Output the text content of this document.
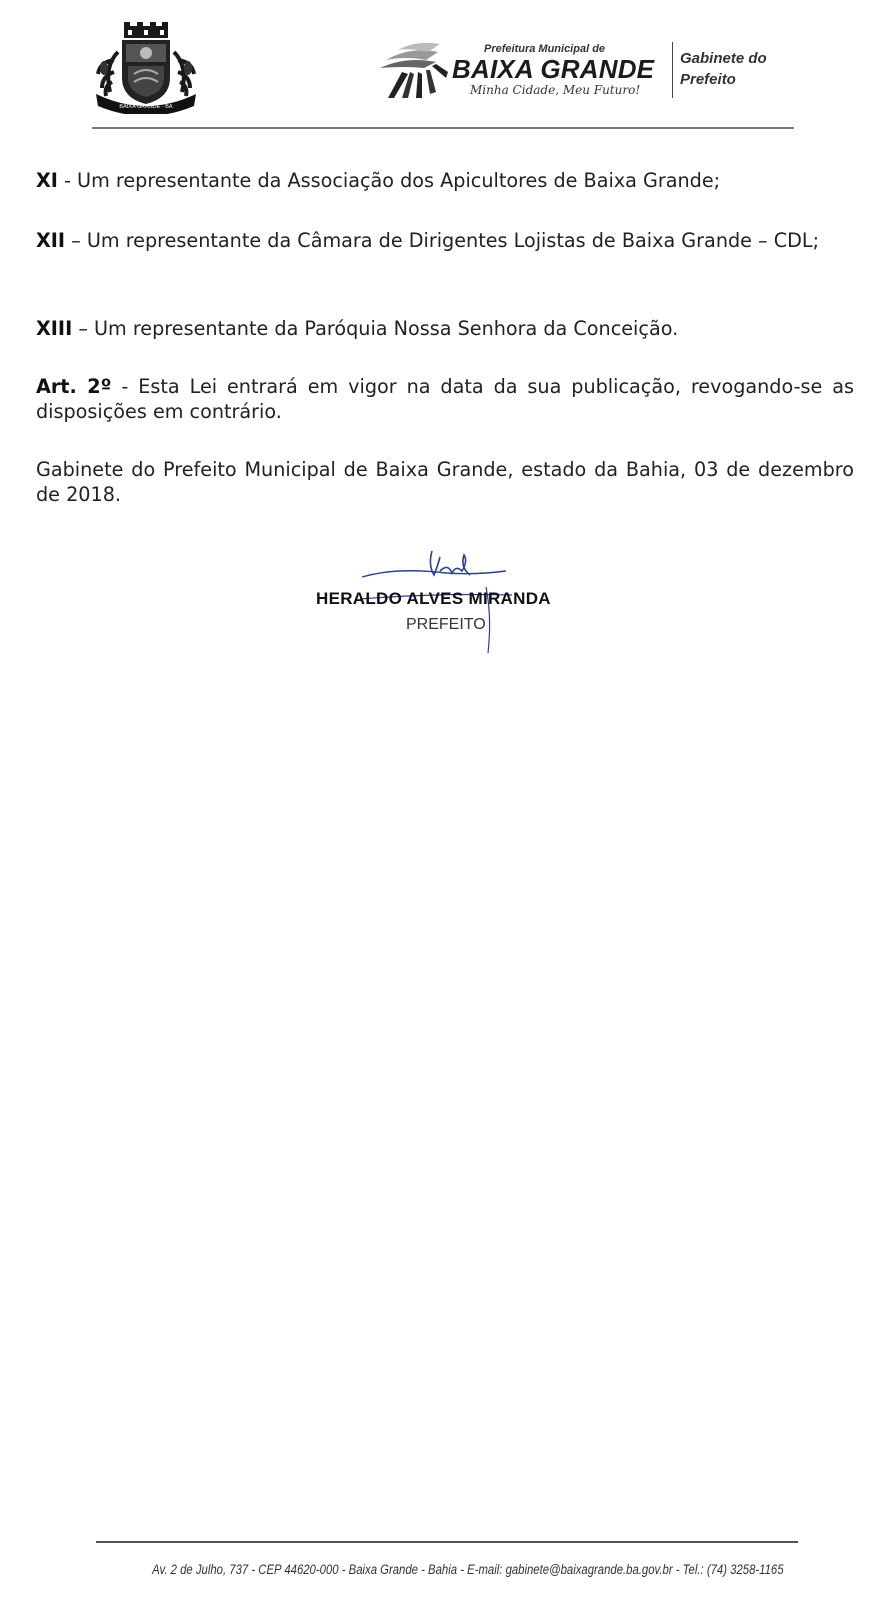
BAIXA GRANDE - BA
Prefeitura Municipal de
BAIXA GRANDE
Minha Cidade, Meu Futuro!
Gabinete do
Prefeito
XI - Um representante da Associação dos Apicultores de Baixa Grande;
XII – Um representante da Câmara de Dirigentes Lojistas de Baixa Grande – CDL;
XIII – Um representante da Paróquia Nossa Senhora da Conceição.
Art. 2º - Esta Lei entrará em vigor na data da sua publicação, revogando-se as disposições em contrário.
Gabinete do Prefeito Municipal de Baixa Grande, estado da Bahia, 03 de dezembro de 2018.
HERALDO ALVES MIRANDA
PREFEITO
Av. 2 de Julho, 737 - CEP 44620-000 - Baixa Grande - Bahia - E-mail: gabinete@baixagrande.ba.gov.br - Tel.: (74) 3258-1165
